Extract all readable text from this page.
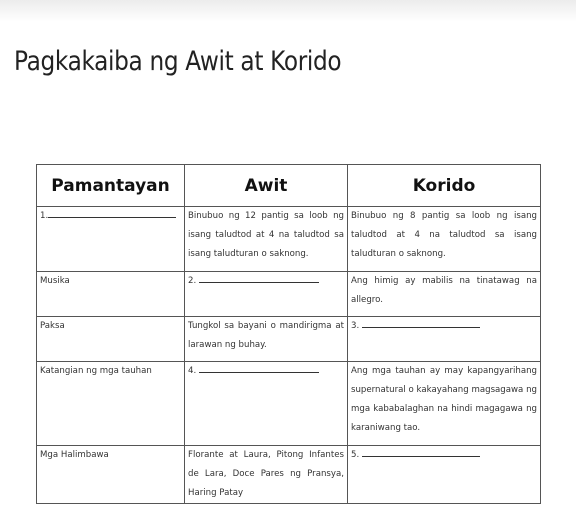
Pagkakaiba ng Awit at Korido
Pamantayan	Awit	Korido
1.	Binubuo ng 12 pantig sa loob ng isang taludtod at 4 na taludtod sa isang taludturan o saknong.	Binubuo ng 8 pantig sa loob ng isang taludtod at 4 na taludtod sa isang taludturan o saknong.
Musika	2.	Ang himig ay mabilis na tinatawag na allegro.
Paksa	Tungkol sa bayani o mandirigma at larawan ng buhay.	3.
Katangian ng mga tauhan	4.	Ang mga tauhan ay may kapangyarihang supernatural o kakayahang magsagawa ng mga kababalaghan na hindi magagawa ng karaniwang tao.
Mga Halimbawa	Florante at Laura, Pitong Infantes de Lara, Doce Pares ng Pransya, Haring Patay	5.
